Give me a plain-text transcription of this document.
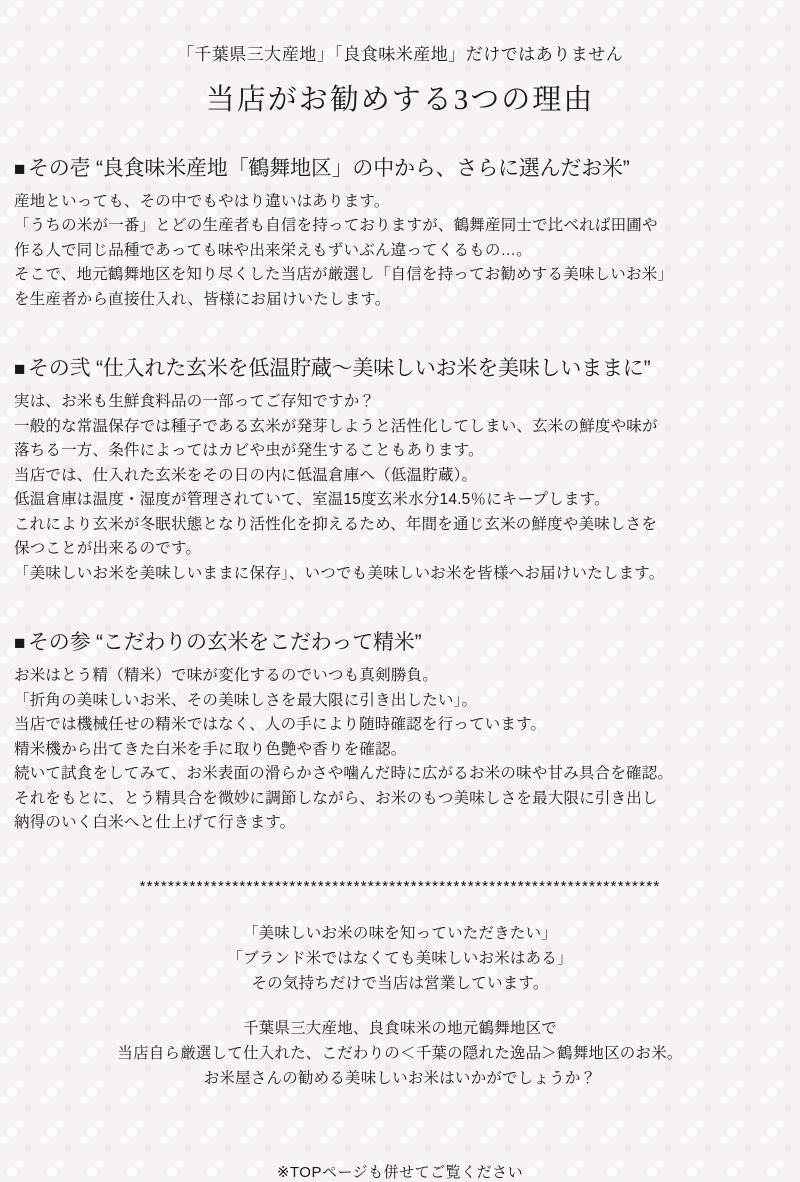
「千葉県三大産地」「良食味米産地」だけではありません
当店がお勧めする3つの理由
■その壱 “良食味米産地「鶴舞地区」の中から、さらに選んだお米”
産地といっても、その中でもやはり違いはあります。
「うちの米が一番」とどの生産者も自信を持っておりますが、鶴舞産同士で比べれば田圃や
作る人で同じ品種であっても味や出来栄えもずいぶん違ってくるもの…。
そこで、地元鶴舞地区を知り尽くした当店が厳選し「自信を持ってお勧めする美味しいお米」
を生産者から直接仕入れ、皆様にお届けいたします。
■その弐 “仕入れた玄米を低温貯蔵〜美味しいお米を美味しいままに”
実は、お米も生鮮食料品の一部ってご存知ですか？
一般的な常温保存では種子である玄米が発芽しようと活性化してしまい、玄米の鮮度や味が
落ちる一方、条件によってはカビや虫が発生することもあります。
当店では、仕入れた玄米をその日の内に低温倉庫へ（低温貯蔵）。
低温倉庫は温度・湿度が管理されていて、室温15度玄米水分14.5％にキープします。
これにより玄米が冬眠状態となり活性化を抑えるため、年間を通じ玄米の鮮度や美味しさを
保つことが出来るのです。
「美味しいお米を美味しいままに保存」、いつでも美味しいお米を皆様へお届けいたします。
■その参 “こだわりの玄米をこだわって精米”
お米はとう精（精米）で味が変化するのでいつも真剣勝負。
「折角の美味しいお米、その美味しさを最大限に引き出したい」。
当店では機械任せの精米ではなく、人の手により随時確認を行っています。
精米機から出てきた白米を手に取り色艶や香りを確認。
続いて試食をしてみて、お米表面の滑らかさや噛んだ時に広がるお米の味や甘み具合を確認。
それをもとに、とう精具合を微妙に調節しながら、お米のもつ美味しさを最大限に引き出し
納得のいく白米へと仕上げて行きます。
*************************************************************************
「美味しいお米の味を知っていただきたい」
「ブランド米ではなくても美味しいお米はある」
その気持ちだけで当店は営業しています。
千葉県三大産地、良食味米の地元鶴舞地区で
当店自ら厳選して仕入れた、こだわりの＜千葉の隠れた逸品＞鶴舞地区のお米。
お米屋さんの勧める美味しいお米はいかがでしょうか？
※TOPページも併せてご覧ください
